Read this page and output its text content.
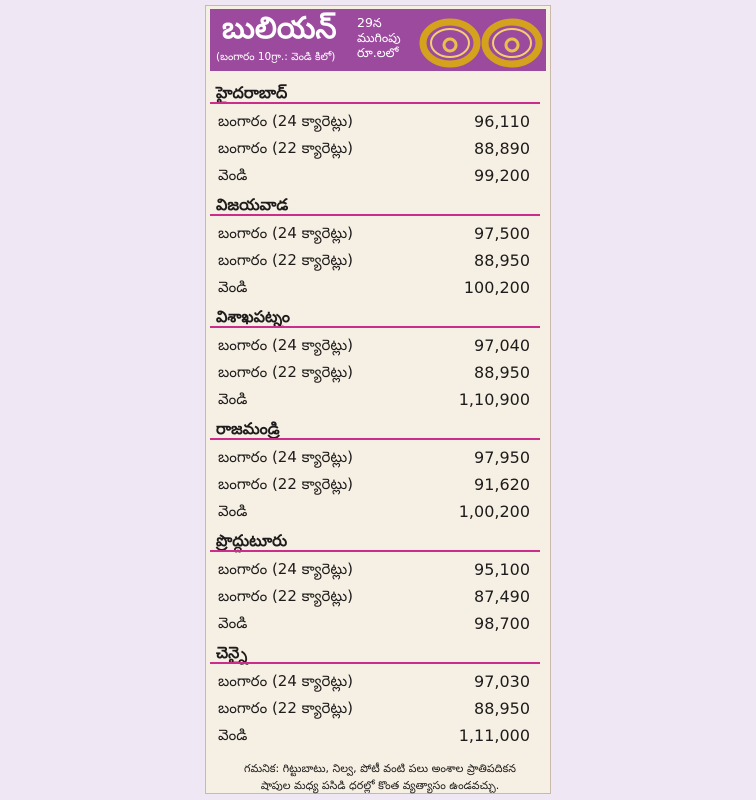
బులియన్
(బంగారం 10గ్రా.: వెండి కిలో)
29న
ముగింపు
రూ.లలో
హైదరాబాద్
బంగారం (24 క్యారెట్లు)	96,110
బంగారం (22 క్యారెట్లు)	88,890
వెండి	99,200
విజయవాడ
బంగారం (24 క్యారెట్లు)	97,500
బంగారం (22 క్యారెట్లు)	88,950
వెండి	100,200
విశాఖపట్నం
బంగారం (24 క్యారెట్లు)	97,040
బంగారం (22 క్యారెట్లు)	88,950
వెండి	1,10,900
రాజమండ్రి
బంగారం (24 క్యారెట్లు)	97,950
బంగారం (22 క్యారెట్లు)	91,620
వెండి	1,00,200
ప్రొద్దుటూరు
బంగారం (24 క్యారెట్లు)	95,100
బంగారం (22 క్యారెట్లు)	87,490
వెండి	98,700
చెన్నై
బంగారం (24 క్యారెట్లు)	97,030
బంగారం (22 క్యారెట్లు)	88,950
వెండి	1,11,000
గమనిక: గిట్టుబాటు, నిల్వ, పోటీ వంటి పలు అంశాల ప్రాతిపదికన
షాపుల మధ్య పసిడి ధరల్లో కొంత వ్యత్యాసం ఉండవచ్చు.
